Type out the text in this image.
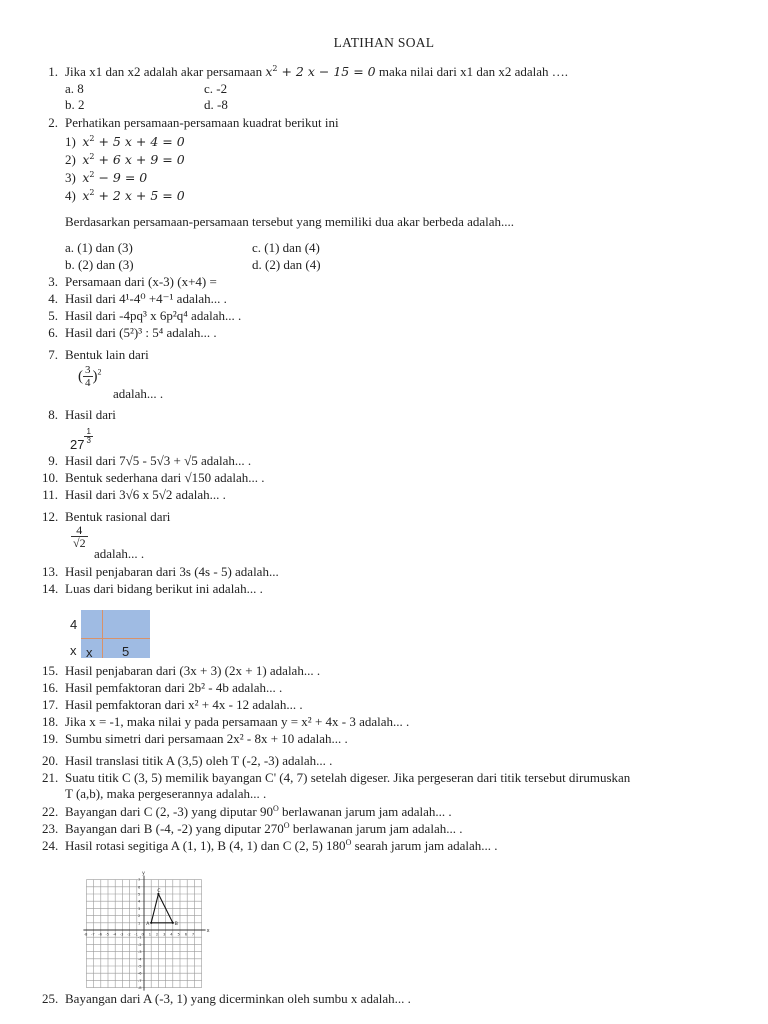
LATIHAN SOAL
1. Jika x1 dan x2 adalah akar persamaan $x^2 + 2$ x − 15 = 0 maka nilai dari x1 dan x2 adalah ….
a. 8	c. -2
b. 2	d. -8
2. Perhatikan persamaan-persamaan kuadrat berikut ini
1) $x^2 + 5$ x + 4 = 0
2) $x^2 + 6$ x + 9 = 0
3) $x^2 - 9 = 0$
4) $x^2 + 2$ x + 5 = 0
Berdasarkan persamaan-persamaan tersebut yang memiliki dua akar berbeda adalah....
a. (1) dan (3)	c. (1) dan (4)
b. (2) dan (3)	d. (2) dan (4)
3. Persamaan dari (x-3) (x+4) =
4. Hasil dari 4¹-4⁰ +4⁻¹ adalah... .
5. Hasil dari -4pq³ x 6p²q⁴ adalah... .
6. Hasil dari (5²)³ : 5⁴ adalah... .
7. Bentuk lain dari
( $\frac{3}{4} )^2$
adalah... .
8. Hasil dari
$27 \frac{1}{3}$
9. Hasil dari 7√5 - 5√3 + √5 adalah... .
10. Bentuk sederhana dari √150 adalah... .
11. Hasil dari 3√6 x 5√2 adalah... .
12. Bentuk rasional dari
$\frac{4}{√2}$
adalah... .
13. Hasil penjabaran dari 3s (4s - 5) adalah...
14. Luas dari bidang berikut ini adalah... .
4
x x 5
15. Hasil penjabaran dari (3x + 3) (2x + 1) adalah... .
16. Hasil pemfaktoran dari 2b² - 4b adalah... .
17. Hasil pemfaktoran dari x² + 4x - 12 adalah... .
18. Jika x = -1, maka nilai y pada persamaan y = x² + 4x - 3 adalah... .
19. Sumbu simetri dari persamaan 2x² - 8x + 10 adalah... .
20. Hasil translasi titik A (3,5) oleh T (-2, -3) adalah... .
21. Suatu titik C (3, 5) memilik bayangan C' (4, 7) setelah digeser. Jika pergeseran dari titik tersebut dirumuskan
T (a,b), maka pergeserannya adalah... .
22. Bayangan dari C (2, -3) yang diputar $90^O$ berlawanan jarum jam adalah... .
23. Bayangan dari B (-4, -2) yang diputar $270^O$ berlawanan jarum jam adalah... .
24. Hasil rotasi segitiga A (1, 1), B (4, 1) dan C (2, 5) $180^O$ searah jarum jam adalah... .
x
y
-8 -7 -6 -5 -4 -3 -2 -1 0 1 2 3 4 5 6 7
7
6
5
4
3
2
1
-1
-2
-3
-4
-5
-6
-7
-8
A	B
C
25. Bayangan dari A (-3, 1) yang dicerminkan oleh sumbu x adalah... .
